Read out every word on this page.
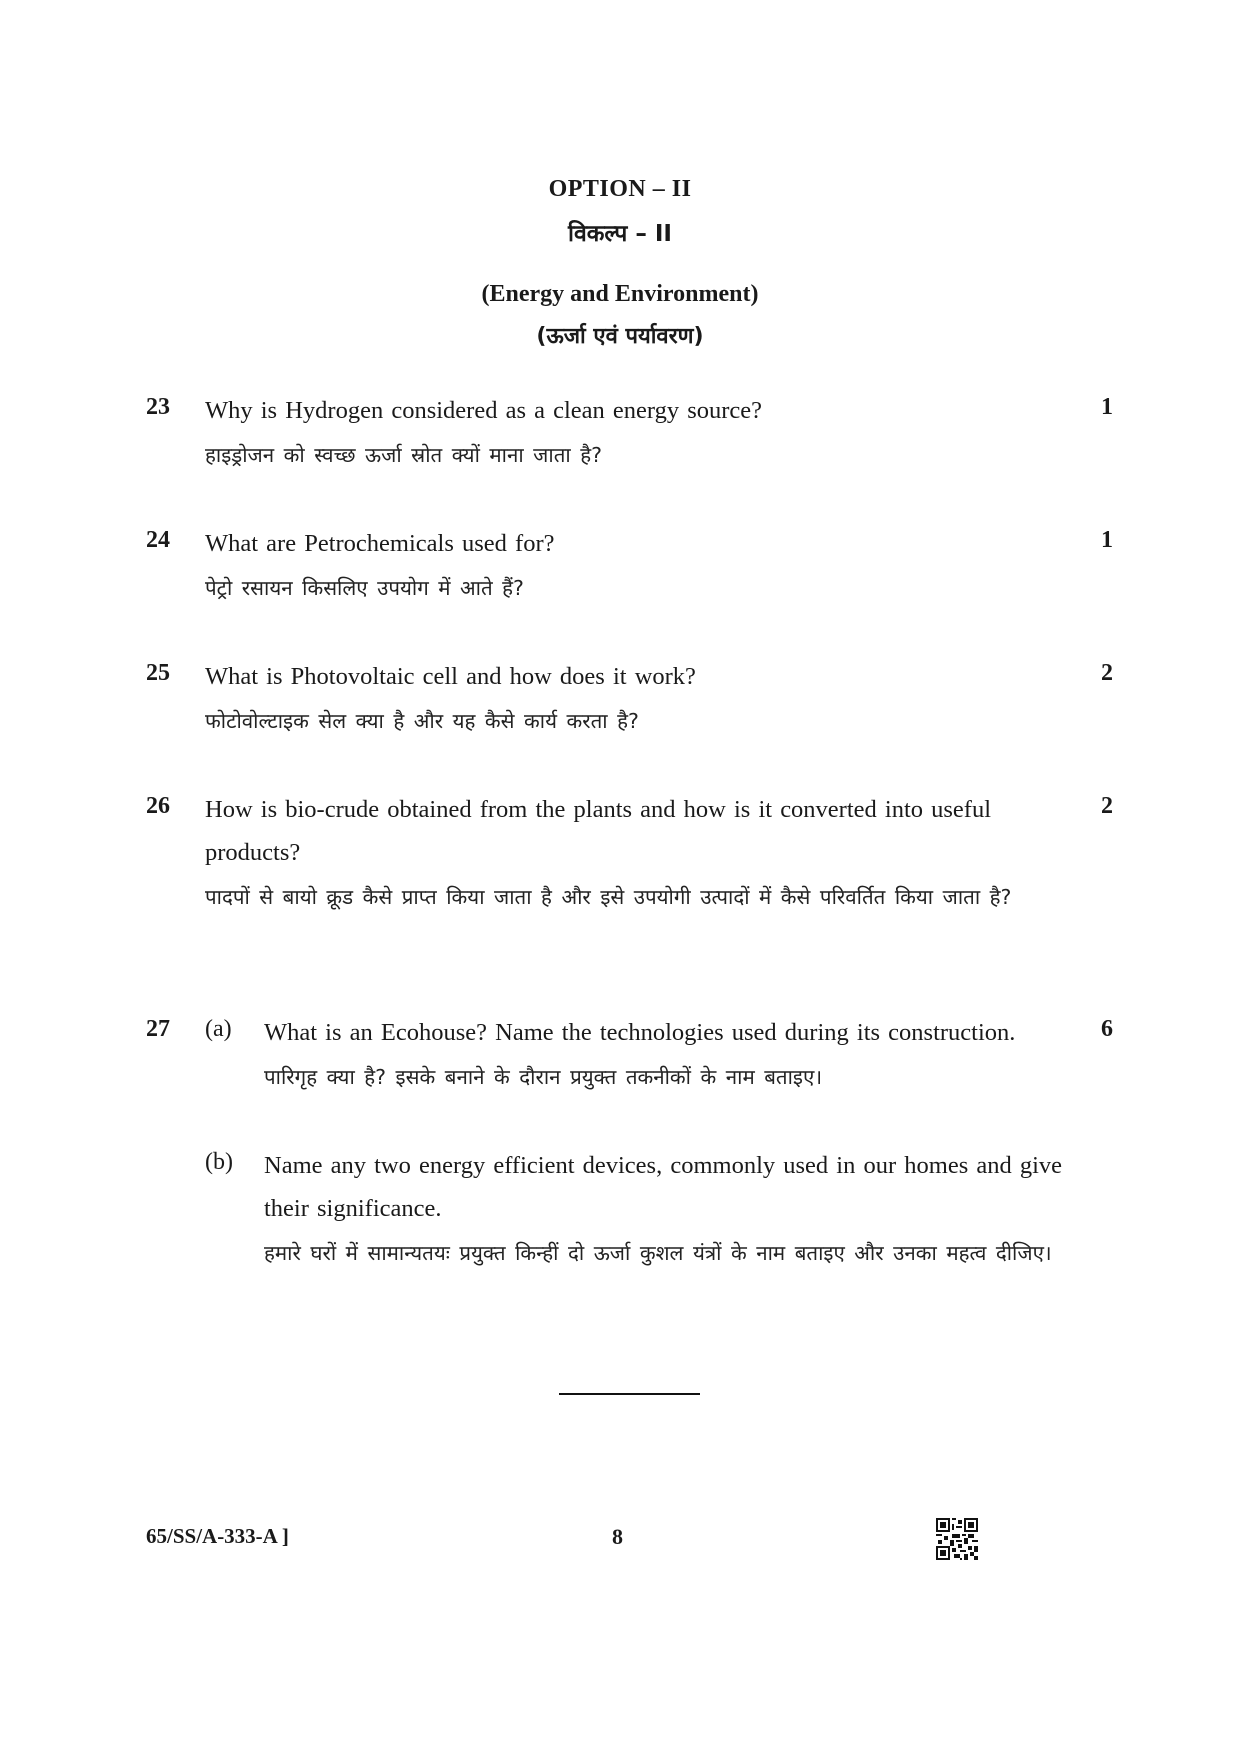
OPTION – II
विकल्प – II
(Energy and Environment)
(ऊर्जा एवं पर्यावरण)
23	1
Why is Hydrogen considered as a clean energy source?
हाइड्रोजन को स्वच्छ ऊर्जा स्रोत क्यों माना जाता है?
24	1
What are Petrochemicals used for?
पेट्रो रसायन किसलिए उपयोग में आते हैं?
25	2
What is Photovoltaic cell and how does it work?
फोटोवोल्टाइक सेल क्या है और यह कैसे कार्य करता है?
26	2
How is bio-crude obtained from the plants and how is it converted into useful products?
पादपों से बायो क्रूड कैसे प्राप्त किया जाता है और इसे उपयोगी उत्पादों में कैसे परिवर्तित किया जाता है?
27	6
(a) What is an Ecohouse? Name the technologies used during its construction.
पारिगृह क्या है? इसके बनाने के दौरान प्रयुक्त तकनीकों के नाम बताइए।
(b) Name any two energy efficient devices, commonly used in our homes and give their significance.
हमारे घरों में सामान्यतयः प्रयुक्त किन्हीं दो ऊर्जा कुशल यंत्रों के नाम बताइए और उनका महत्व दीजिए।
65/SS/A-333-A ]	8
